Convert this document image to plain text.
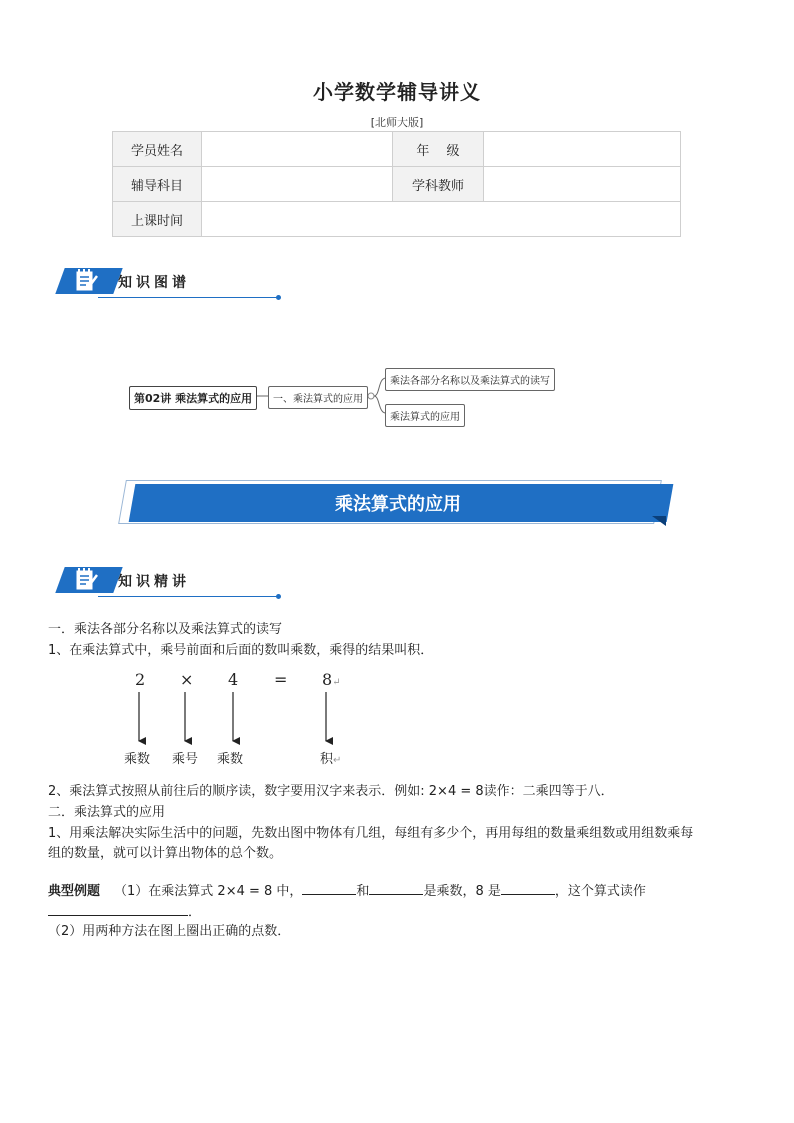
小学数学辅导讲义
[北师大版]
学员姓名		年　 级	
辅导科目		学科教师	
上课时间			
知识图谱
第02讲 乘法算式的应用	一、乘法算式的应用
乘法各部分名称以及乘法算式的读写
乘法算式的应用
乘法算式的应用
知识精讲
一．乘法各部分名称以及乘法算式的读写
1、在乘法算式中，乘号前面和后面的数叫乘数，乘得的结果叫积．
2 × 4 = 8↵
乘数 乘号 乘数	积↵
2、乘法算式按照从前往后的顺序读，数字要用汉字来表示．例如: 2×4 = 8读作：二乘四等于八．
二．乘法算式的应用
1、用乘法解决实际生活中的问题，先数出图中物体有几组，每组有多少个，再用每组的数量乘组数或用组数乘每
组的数量，就可以计算出物体的总个数。
典型例题 （1）在乘法算式 2×4 = 8 中，	和	是乘数，8 是	，这个算式读作
．
（2）用两种方法在图上圈出正确的点数．
